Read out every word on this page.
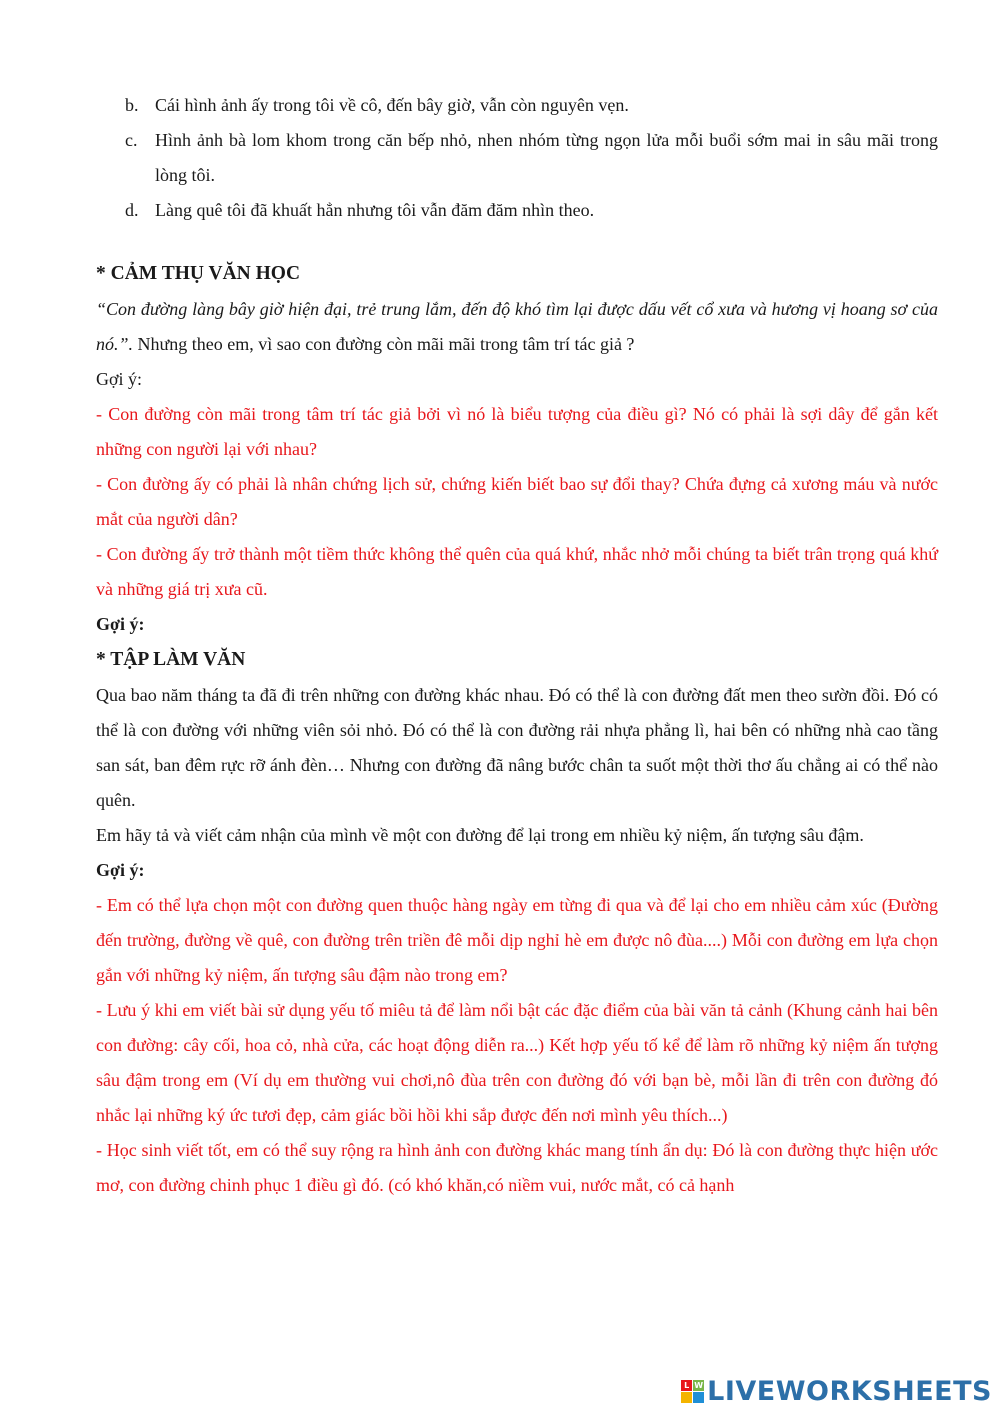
b. Cái hình ảnh ấy trong tôi về cô, đến bây giờ, vẫn còn nguyên vẹn.
c. Hình ảnh bà lom khom trong căn bếp nhỏ, nhen nhóm từng ngọn lửa mỗi buổi sớm mai in sâu mãi trong lòng tôi.
d. Làng quê tôi đã khuất hẳn nhưng tôi vẫn đăm đăm nhìn theo.
* CẢM THỤ VĂN HỌC
“Con đường làng bây giờ hiện đại, trẻ trung lắm, đến độ khó tìm lại được dấu vết cổ xưa và hương vị hoang sơ của nó.”. Nhưng theo em, vì sao con đường còn mãi mãi trong tâm trí tác giả ?
Gợi ý:
- Con đường còn mãi trong tâm trí tác giả bởi vì nó là biểu tượng của điều gì? Nó có phải là sợi dây để gắn kết những con người lại với nhau?
- Con đường ấy có phải là nhân chứng lịch sử, chứng kiến biết bao sự đổi thay? Chứa đựng cả xương máu và nước mắt của người dân?
- Con đường ấy trở thành một tiềm thức không thể quên của quá khứ, nhắc nhở mỗi chúng ta biết trân trọng quá khứ và những giá trị xưa cũ.
Gợi ý:
* TẬP LÀM VĂN
Qua bao năm tháng ta đã đi trên những con đường khác nhau. Đó có thể là con đường đất men theo sườn đồi. Đó có thể là con đường với những viên sỏi nhỏ. Đó có thể là con đường rải nhựa phẳng lì, hai bên có những nhà cao tầng san sát, ban đêm rực rỡ ánh đèn… Nhưng con đường đã nâng bước chân ta suốt một thời thơ ấu chẳng ai có thể nào quên.
Em hãy tả và viết cảm nhận của mình về một con đường để lại trong em nhiều kỷ niệm, ấn tượng sâu đậm.
Gợi ý:
- Em có thể lựa chọn một con đường quen thuộc hàng ngày em từng đi qua và để lại cho em nhiều cảm xúc (Đường đến trường, đường về quê, con đường trên triền đê mỗi dịp nghỉ hè em được nô đùa....) Mỗi con đường em lựa chọn gắn với những kỷ niệm, ấn tượng sâu đậm nào trong em?
- Lưu ý khi em viết bài sử dụng yếu tố miêu tả để làm nổi bật các đặc điểm của bài văn tả cảnh (Khung cảnh hai bên con đường: cây cối, hoa cỏ, nhà cửa, các hoạt động diễn ra...) Kết hợp yếu tố kể để làm rõ những kỷ niệm ấn tượng sâu đậm trong em (Ví dụ em thường vui chơi,nô đùa trên con đường đó với bạn bè, mỗi lần đi trên con đường đó nhắc lại những ký ức tươi đẹp, cảm giác bồi hồi khi sắp được đến nơi mình yêu thích...)
- Học sinh viết tốt, em có thể suy rộng ra hình ảnh con đường khác mang tính ẩn dụ: Đó là con đường thực hiện ước mơ, con đường chinh phục 1 điều gì đó. (có khó khăn,có niềm vui, nước mắt, có cả hạnh
L W LIVEWORKSHEETS
